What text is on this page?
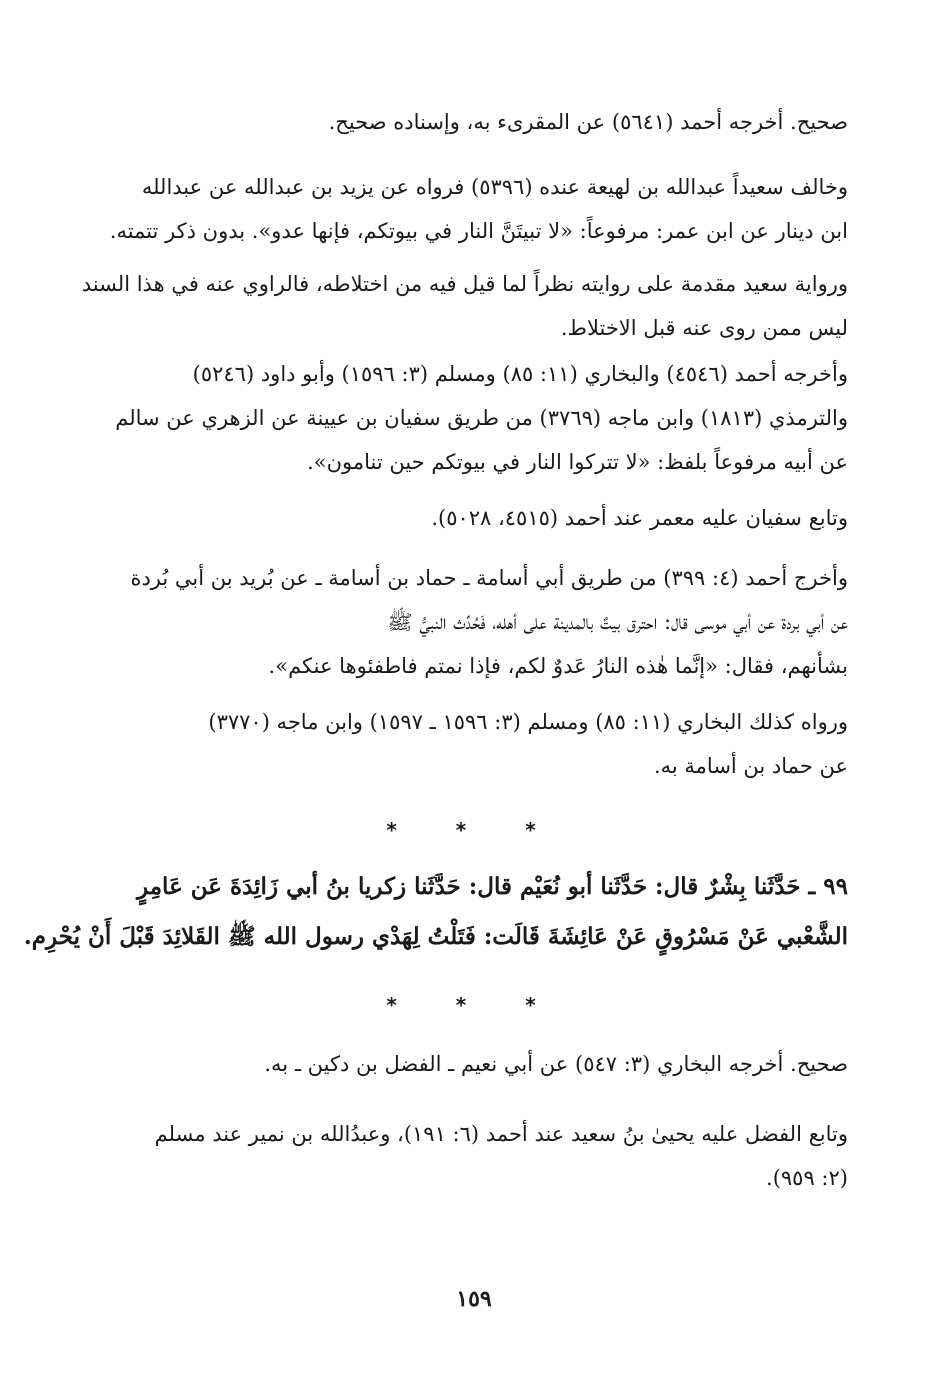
صحيح. أخرجه أحمد (٥٦٤١) عن المقرىء به، وإسناده صحيح.

وخالف سعيداً عبدالله بن لهيعة عنده (٥٣٩٦) فرواه عن يزيد بن عبدالله عن عبدالله
ابن دينار عن ابن عمر: مرفوعاً: «لا تبيتَنَّ النار في بيوتكم، فإنها عدو». بدون ذكر تتمته.

ورواية سعيد مقدمة على روايته نظراً لما قيل فيه من اختلاطه، فالراوي عنه في هذا السند
ليس ممن روى عنه قبل الاختلاط.

وأخرجه أحمد (٤٥٤٦) والبخاري (١١: ٨٥) ومسلم (٣: ١٥٩٦) وأبو داود (٥٢٤٦)
والترمذي (١٨١٣) وابن ماجه (٣٧٦٩) من طريق سفيان بن عيينة عن الزهري عن سالم
عن أبيه مرفوعاً بلفظ: «لا تتركوا النار في بيوتكم حين تنامون».

وتابع سفيان عليه معمر عند أحمد (٤٥١٥، ٥٠٢٨).

وأخرج أحمد (٤: ٣٩٩) من طريق أبي أسامة ـ حماد بن أسامة ـ عن بُريد بن أبي بُردة
عن أبي بردة عن أبي موسى قال: احترق بيتٌ بالمدينة على أهله، فَحُدِّث النبيُّ ﷺ
بشأنهم، فقال: «إنَّما هٰذه النارُ عَدوٌ لكم، فإذا نمتم فاطفئوها عنكم».

ورواه كذلك البخاري (١١: ٨٥) ومسلم (٣: ١٥٩٦ ـ ١٥٩٧) وابن ماجه (٣٧٧٠)
عن حماد بن أسامة به.

* * *

٩٩ ـ حَدَّثَنا بِشْرٌ قال: حَدَّثَنا أبو نُعَيْم قال: حَدَّثَنا زكريا بنُ أبي زَائِدَةَ عَن عَامِرٍ
الشَّعْبي عَنْ مَسْرُوقٍ عَنْ عَائِشَةَ قَالَت: فَتَلْتُ لِهَدْي رسول الله ﷺ القَلائِدَ قَبْلَ أَنْ يُحْرِم.

* * *

صحيح. أخرجه البخاري (٣: ٥٤٧) عن أبي نعيم ـ الفضل بن دكين ـ به.

وتابع الفضل عليه يحيىٰ بنُ سعيد عند أحمد (٦: ١٩١)، وعبدُالله بن نمير عند مسلم
(٢: ٩٥٩).

١٥٩
